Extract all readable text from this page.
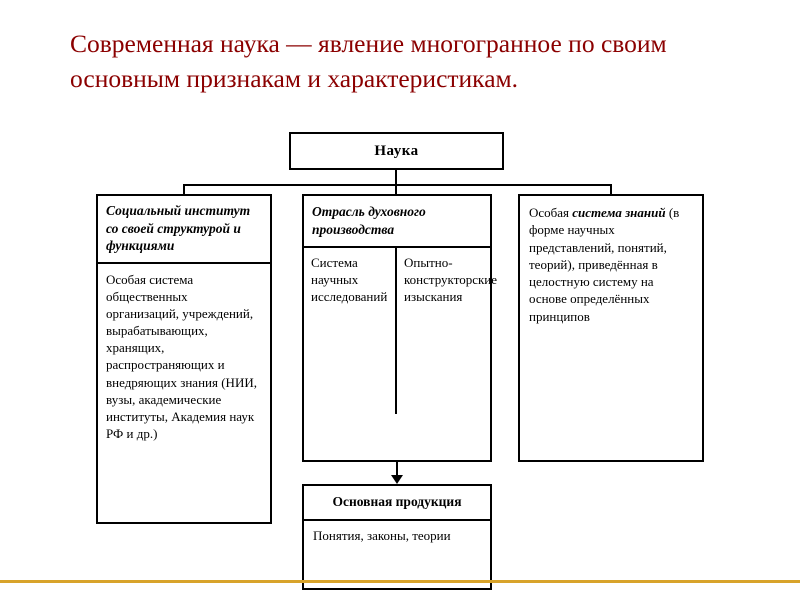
Современная наука — явление многогранное по своим основным признакам и характеристикам.
Наука
Социальный институт со своей структурой и функциями
Особая система общественных организаций, учреждений, вырабатывающих, хранящих, распространяющих и внедряющих знания (НИИ, вузы, академические институты, Академия наук РФ и др.)
Отрасль духовного производства
Система научных исследований
Опытно-конструкторские изыскания
Особая система знаний (в форме научных представлений, понятий, теорий), приведённая в целостную систему на основе определённых принципов
Основная продукция
Понятия, законы, теории
